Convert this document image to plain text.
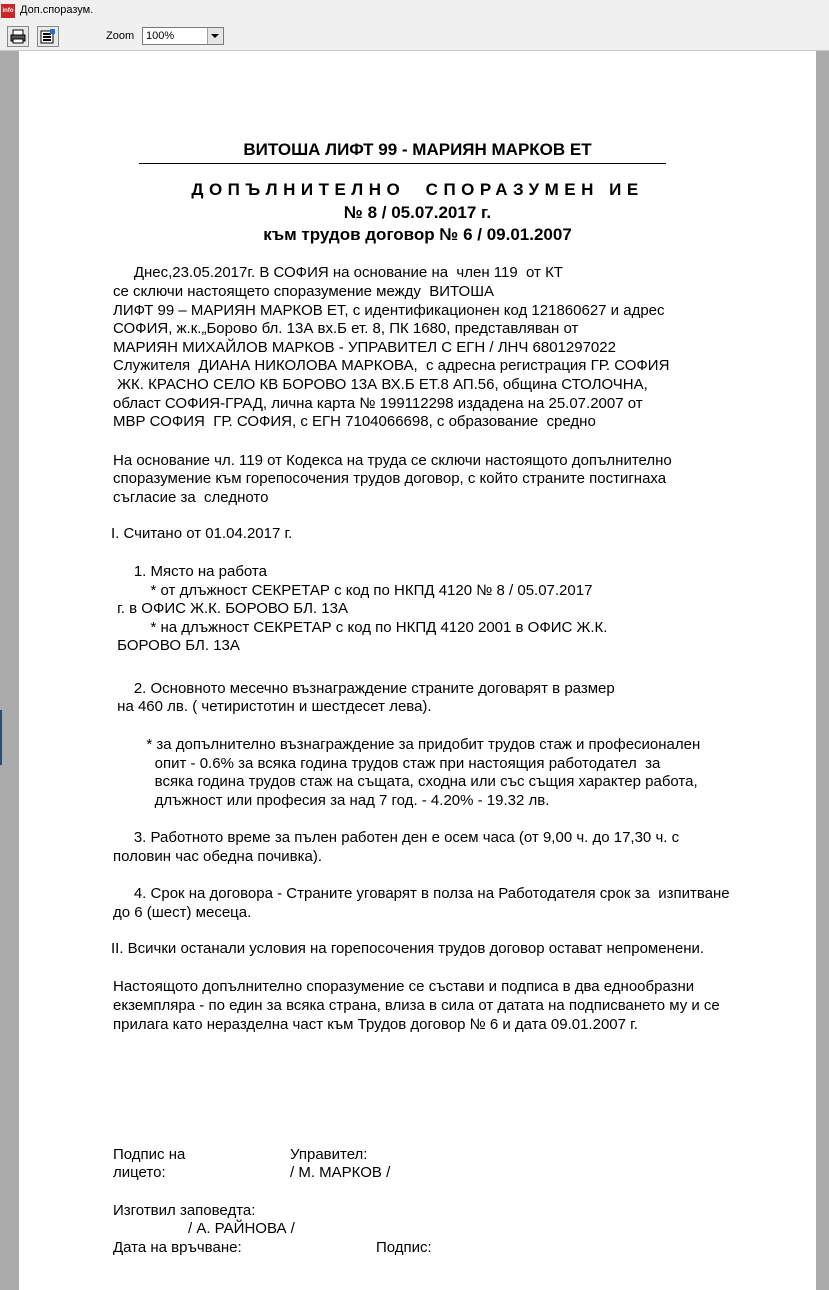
info Доп.споразум.
Zoom 100%
ВИТОША ЛИФТ 99 - МАРИЯН МАРКОВ ЕТ
ДОПЪЛНИТЕЛНО  СПОРАЗУМЕН ИЕ
№ 8 / 05.07.2017 г.
към трудов договор № 6 / 09.01.2007
Днес,23.05.2017г. В СОФИЯ на основание на  член 119  от КТ
се сключи настоящето споразумение между  ВИТОША
ЛИФТ 99 – МАРИЯН МАРКОВ ЕТ, с идентификационен код 121860627 и адрес
СОФИЯ, ж.к.„Борово бл. 13А вх.Б ет. 8, ПК 1680, представляван от
МАРИЯН МИХАЙЛОВ МАРКОВ - УПРАВИТЕЛ С ЕГН / ЛНЧ 6801297022
Служителя  ДИАНА НИКОЛОВА МАРКОВА,  с адресна регистрация ГР. СОФИЯ
ЖК. КРАСНО СЕЛО КВ БОРОВО 13А ВХ.Б ЕТ.8 АП.56, община СТОЛОЧНА,
област СОФИЯ-ГРАД, лична карта № 199112298 издадена на 25.07.2007 от
МВР СОФИЯ  ГР. СОФИЯ, с ЕГН 7104066698, с образование  средно
На основание чл. 119 от Кодекса на труда се сключи настоящото допълнително
споразумение към горепосочения трудов договор, с който страните постигнаха
съгласие за  следното
I. Считано от 01.04.2017 г.
1. Място на работа
* от длъжност СЕКРЕТАР с код по НКПД 4120 № 8 / 05.07.2017
г. в ОФИС Ж.К. БОРОВО БЛ. 13А
* на длъжност СЕКРЕТАР с код по НКПД 4120 2001 в ОФИС Ж.К.
БОРОВО БЛ. 13А
2. Основното месечно възнаграждение страните договарят в размер
на 460 лв. ( четиристотин и шестдесет лева).
* за допълнително възнаграждение за придобит трудов стаж и професионален
опит - 0.6% за всяка година трудов стаж при настоящия работодател  за
всяка година трудов стаж на същата, сходна или със същия характер работа,
длъжност или професия за над 7 год. - 4.20% - 19.32 лв.
3. Работното време за пълен работен ден е осем часа (от 9,00 ч. до 17,30 ч. с
половин час обедна почивка).
4. Срок на договора - Страните уговарят в полза на Работодателя срок за  изпитване
до 6 (шест) месеца.
II. Всички останали условия на горепосочения трудов договор остават непроменени.
Настоящото допълнително споразумение се състави и подписа в два еднообразни
екземпляра - по един за всяка страна, влиза в сила от датата на подписването му и се
прилага като неразделна част към Трудов договор № 6 и дата 09.01.2007 г.
Подпис на
лицето:
Управител:
/ М. МАРКОВ /
Изготвил заповедта:
/ А. РАЙНОВА /
Дата на връчване:	Подпис:
